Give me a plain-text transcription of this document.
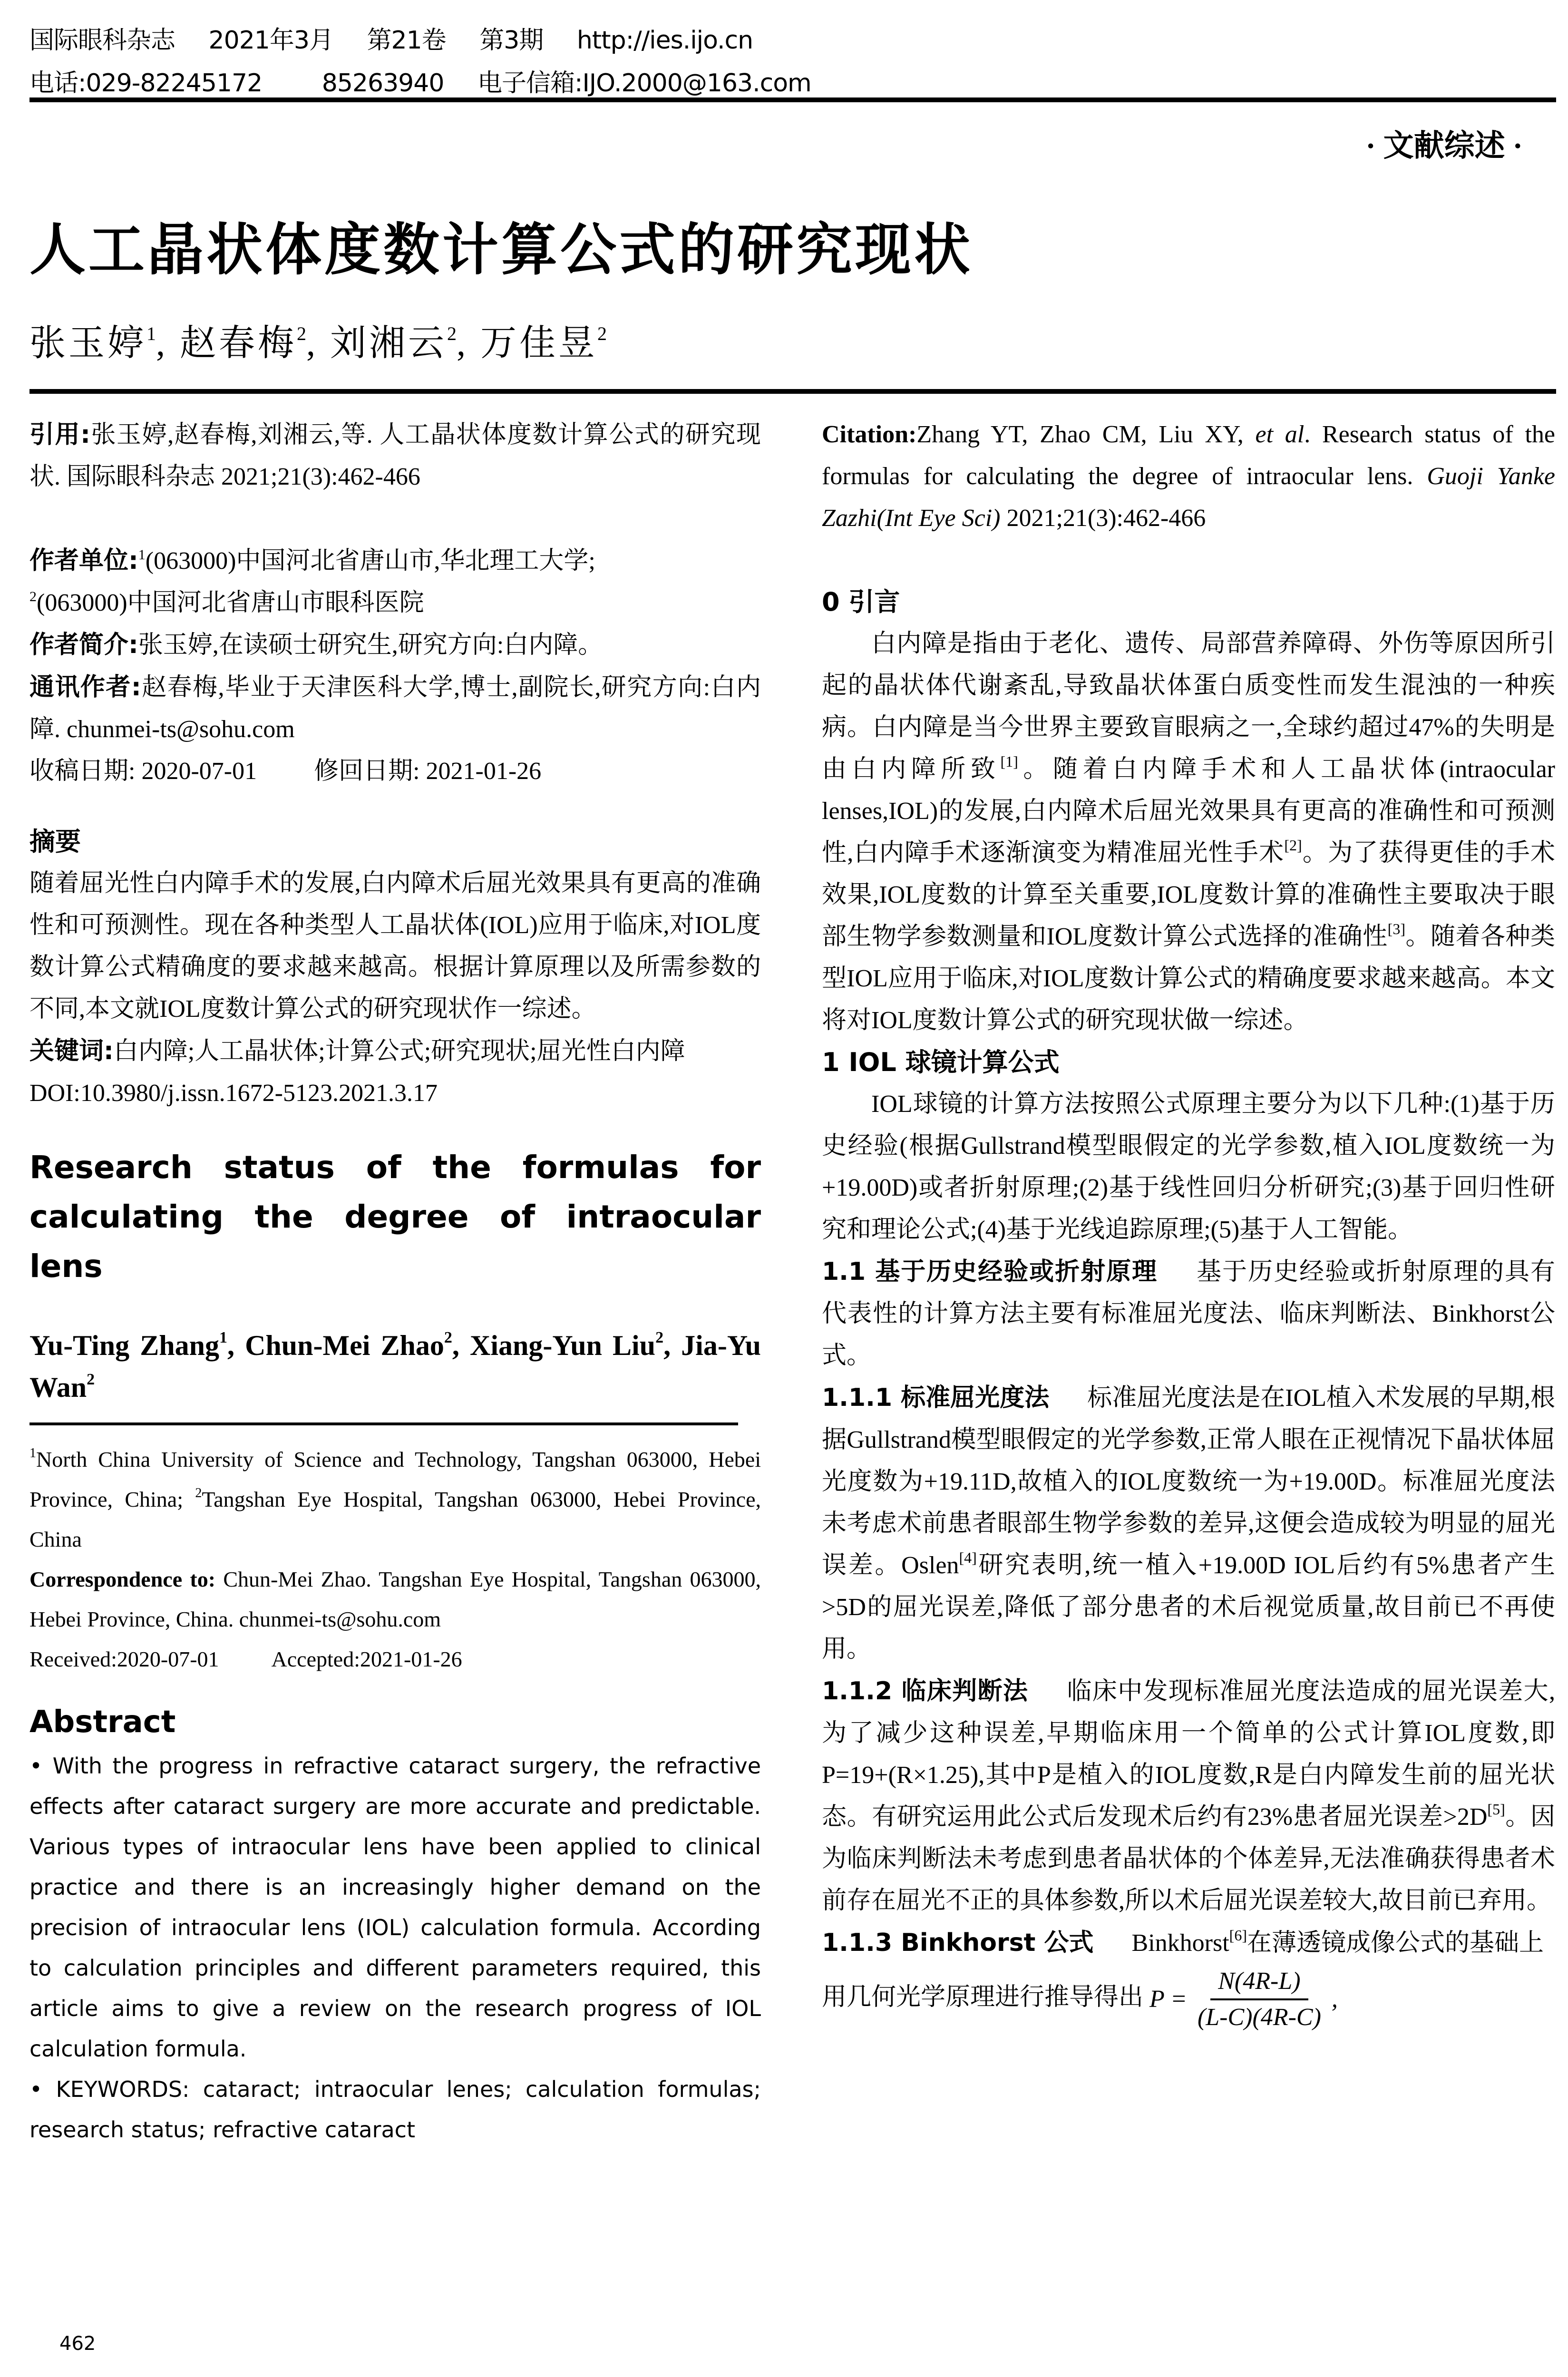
国际眼科杂志 2021年3月 第21卷 第3期 http://ies.ijo.cn
电话:029-82245172 85263940 电子信箱:IJO.2000@163.com
· 文献综述 ·
人工晶状体度数计算公式的研究现状
张玉婷$^1$, 赵春梅$^2$, 刘湘云$^2$, 万佳昱$^2$

引用:张玉婷,赵春梅,刘湘云,等. 人工晶状体度数计算公式的研究现状. 国际眼科杂志 2021;21(3):462-466

作者单位:$^1$(063000)中国河北省唐山市,华北理工大学;
$^2$(063000)中国河北省唐山市眼科医院

作者简介:张玉婷,在读硕士研究生,研究方向:白内障。

通讯作者:赵春梅,毕业于天津医科大学,博士,副院长,研究方向:白内障. chunmei-ts@sohu.com

收稿日期: 2020-07-01 修回日期: 2021-01-26

摘要

随着屈光性白内障手术的发展,白内障术后屈光效果具有更高的准确性和可预测性。现在各种类型人工晶状体(IOL)应用于临床,对IOL度数计算公式精确度的要求越来越高。根据计算原理以及所需参数的不同,本文就IOL度数计算公式的研究现状作一综述。

关键词:白内障;人工晶状体;计算公式;研究现状;屈光性白内障

DOI:10.3980/j.issn.1672-5123.2021.3.17

Research status of the formulas for calculating the degree of intraocular lens
Yu-Ting Zhang$^1$, Chun-Mei Zhao$^2$, Xiang-Yun Liu$^2$, Jia-Yu Wan$^2$
$^1$North China University of Science and Technology, Tangshan 063000, Hebei Province, China; $^2$Tangshan Eye Hospital, Tangshan 063000, Hebei Province, China
Correspondence to: Chun-Mei Zhao. Tangshan Eye Hospital, Tangshan 063000, Hebei Province, China. chunmei-ts@sohu.com
Received:2020-07-01 Accepted:2021-01-26
Abstract
• With the progress in refractive cataract surgery, the refractive effects after cataract surgery are more accurate and predictable. Various types of intraocular lens have been applied to clinical practice and there is an increasingly higher demand on the precision of intraocular lens (IOL) calculation formula. According to calculation principles and different parameters required, this article aims to give a review on the research progress of IOL calculation formula.
• KEYWORDS: cataract; intraocular lenes; calculation formulas; research status; refractive cataract

Citation:Zhang YT, Zhao CM, Liu XY, et al. Research status of the formulas for calculating the degree of intraocular lens. Guoji Yanke Zazhi(Int Eye Sci) 2021;21(3):462-466

0 引言

白内障是指由于老化、遗传、局部营养障碍、外伤等原因所引起的晶状体代谢紊乱,导致晶状体蛋白质变性而发生混浊的一种疾病。白内障是当今世界主要致盲眼病之一,全球约超过47%的失明是由白内障所致[1]。随着白内障手术和人工晶状体(intraocular lenses,IOL)的发展,白内障术后屈光效果具有更高的准确性和可预测性,白内障手术逐渐演变为精准屈光性手术[2]。为了获得更佳的手术效果,IOL度数的计算至关重要,IOL度数计算的准确性主要取决于眼部生物学参数测量和IOL度数计算公式选择的准确性[3]。随着各种类型IOL应用于临床,对IOL度数计算公式的精确度要求越来越高。本文将对IOL度数计算公式的研究现状做一综述。

1 IOL 球镜计算公式

IOL球镜的计算方法按照公式原理主要分为以下几种:(1)基于历史经验(根据Gullstrand模型眼假定的光学参数,植入IOL度数统一为+19.00D)或者折射原理;(2)基于线性回归分析研究;(3)基于回归性研究和理论公式;(4)基于光线追踪原理;(5)基于人工智能。

1.1 基于历史经验或折射原理 基于历史经验或折射原理的具有代表性的计算方法主要有标准屈光度法、临床判断法、Binkhorst公式。

1.1.1 标准屈光度法 标准屈光度法是在IOL植入术发展的早期,根据Gullstrand模型眼假定的光学参数,正常人眼在正视情况下晶状体屈光度数为+19.11D,故植入的IOL度数统一为+19.00D。标准屈光度法未考虑术前患者眼部生物学参数的差异,这便会造成较为明显的屈光误差。Oslen[4]研究表明,统一植入+19.00D IOL后约有5%患者产生>5D的屈光误差,降低了部分患者的术后视觉质量,故目前已不再使用。

1.1.2 临床判断法 临床中发现标准屈光度法造成的屈光误差大,为了减少这种误差,早期临床用一个简单的公式计算IOL度数,即P=19+(R×1.25),其中P是植入的IOL度数,R是白内障发生前的屈光状态。有研究运用此公式后发现术后约有23%患者屈光误差>2D[5]。因为临床判断法未考虑到患者晶状体的个体差异,无法准确获得患者术前存在屈光不正的具体参数,所以术后屈光误差较大,故目前已弃用。

1.1.3 Binkhorst 公式 Binkhorst[6]在薄透镜成像公式的基础上用几何光学原理进行推导得出 $P = \frac{N(4R-L)}{(L-C)(4R-C)}$ ,

462
